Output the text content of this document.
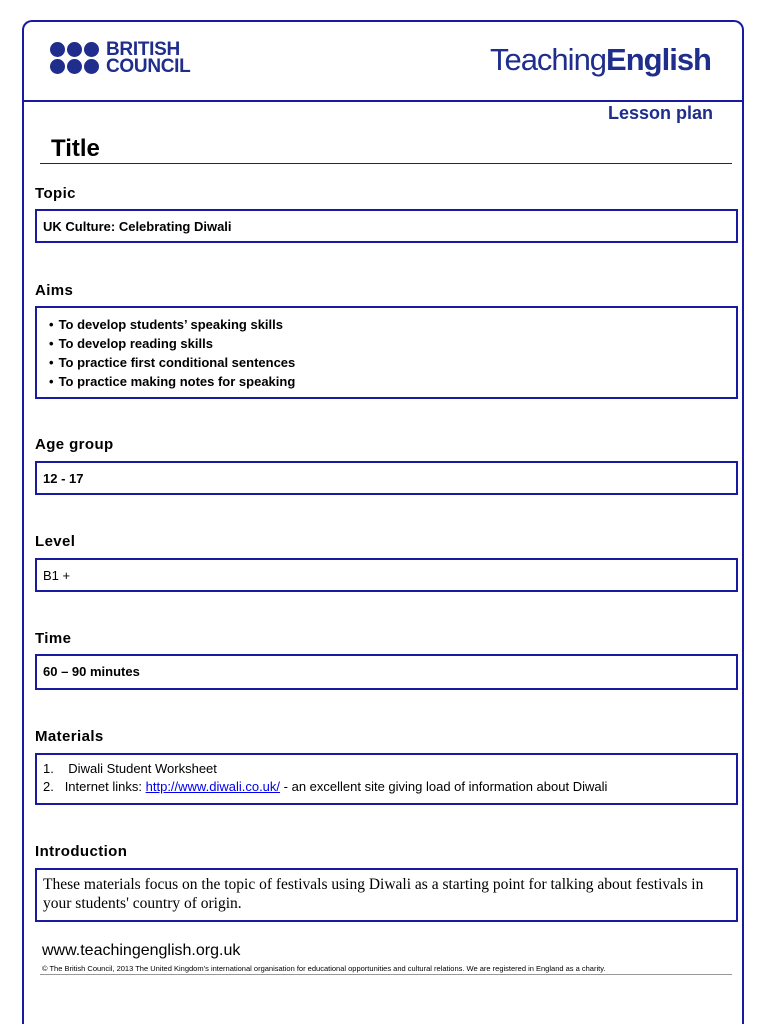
BRITISH
COUNCIL	TeachingEnglish
Lesson plan
Title
Topic
UK Culture: Celebrating Diwali
Aims
• To develop students’ speaking skills
• To develop reading skills
• To practice first conditional sentences
• To practice making notes for speaking
Age group
12 - 17
Level
B1 +
Time
60 – 90 minutes
Materials
1. Diwali Student Worksheet
2. Internet links: http://www.diwali.co.uk/ - an excellent site giving load of information about Diwali
Introduction
These materials focus on the topic of festivals using Diwali as a starting point for talking about festivals in your students' country of origin.
www.teachingenglish.org.uk
© The British Council, 2013 The United Kingdom’s international organisation for educational opportunities and cultural relations. We are registered in England as a charity.
